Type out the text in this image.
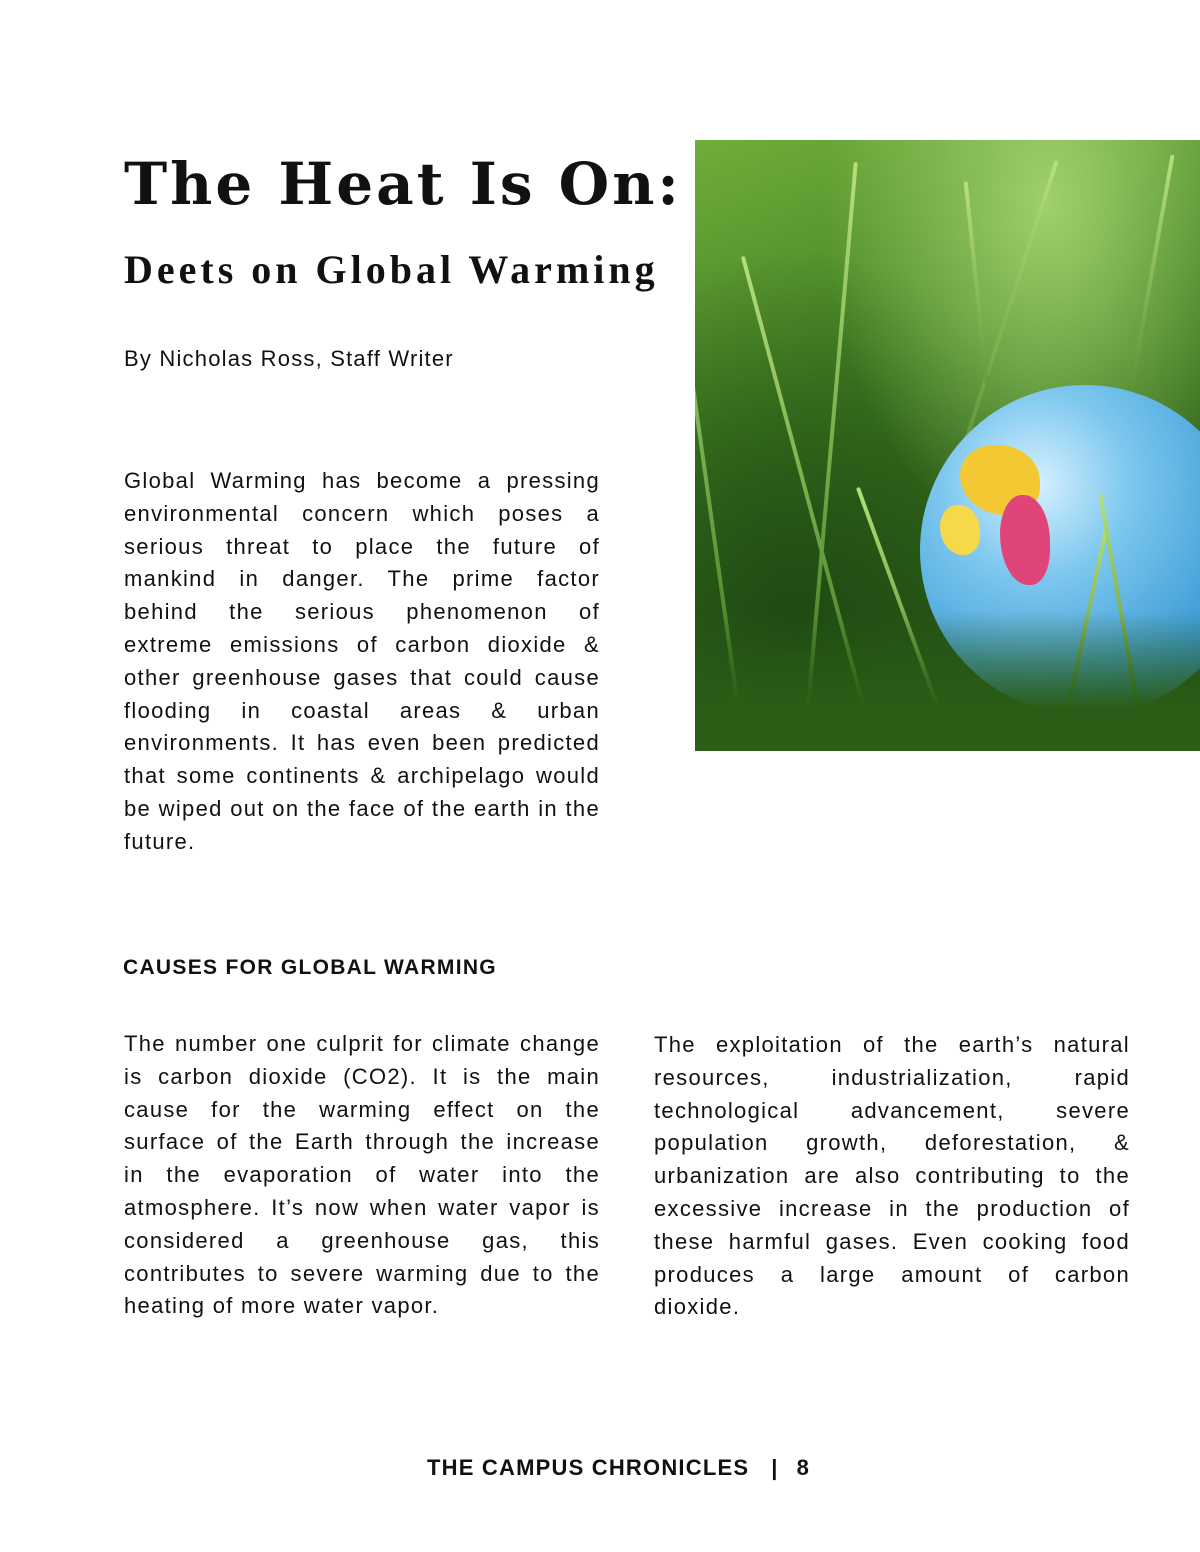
The Heat Is On:
Deets on Global Warming
By Nicholas Ross, Staff Writer

Global Warming has become a pressing environmental concern which poses a serious threat to place the future of mankind in danger. The prime factor behind the serious phenomenon of extreme emissions of carbon dioxide & other greenhouse gases that could cause flooding in coastal areas & urban environments. It has even been predicted that some continents & archipelago would be wiped out on the face of the earth in the future.

CAUSES FOR GLOBAL WARMING

The number one culprit for climate change is carbon dioxide (CO2). It is the main cause for the warming effect on the surface of the Earth through the increase in the evaporation of water into the atmosphere. It’s now when water vapor is considered a greenhouse gas, this contributes to severe warming due to the heating of more water vapor.

The exploitation of the earth’s natural resources, industrialization, rapid technological advancement, severe population growth, deforestation, & urbanization are also contributing to the excessive increase in the production of these harmful gases. Even cooking food produces a large amount of carbon dioxide.

THE CAMPUS CHRONICLES | 8
